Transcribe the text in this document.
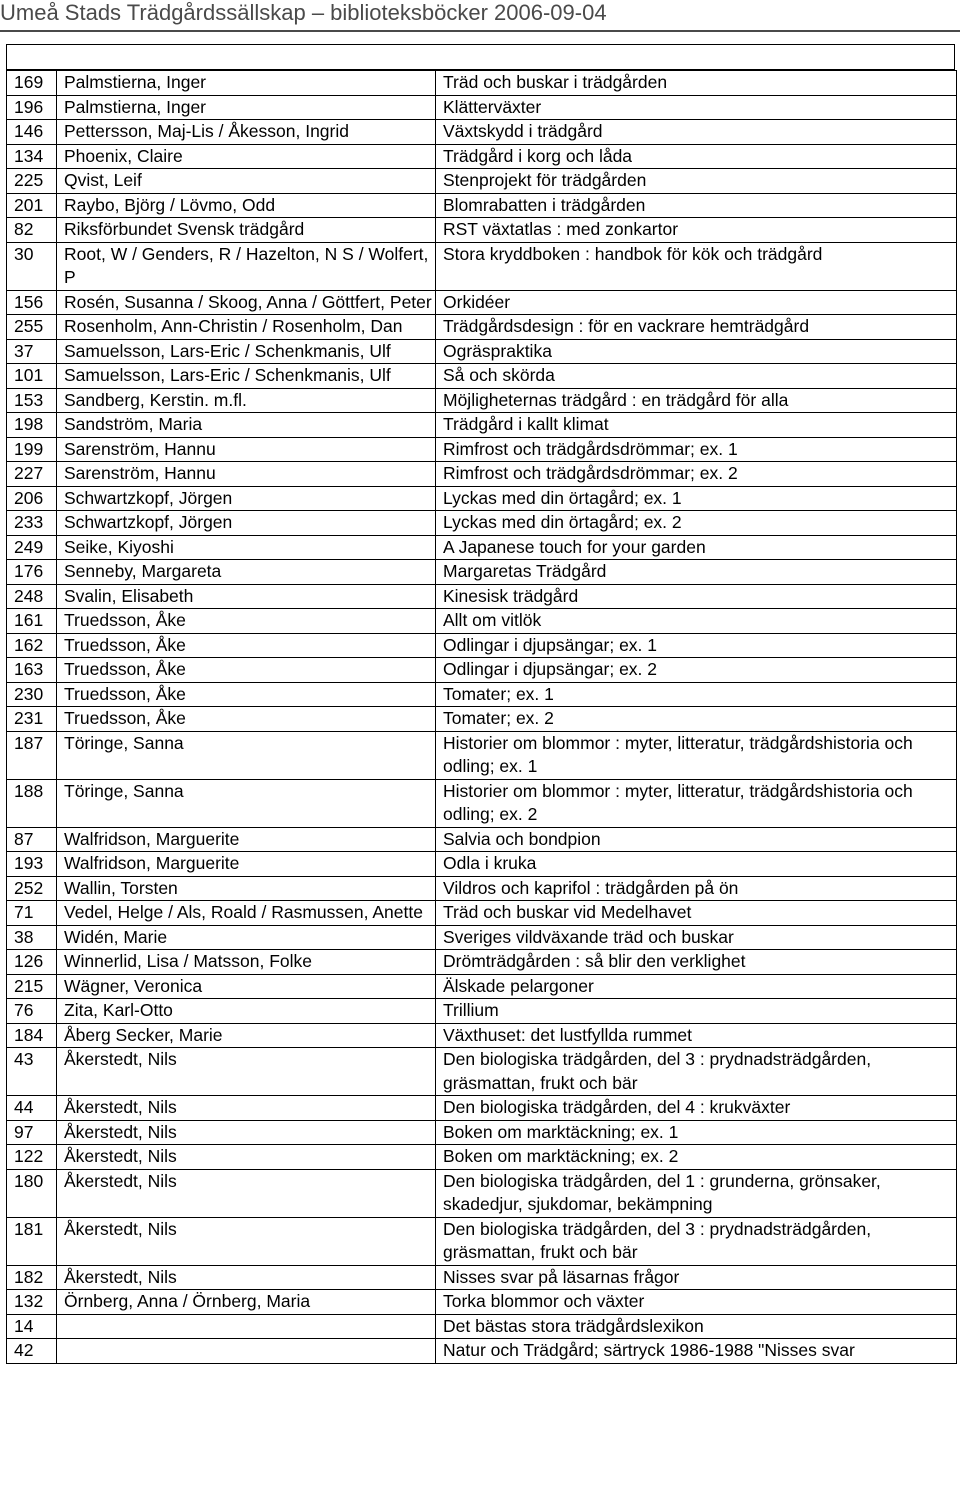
Umeå Stads Trädgårdssällskap – biblioteksböcker 2006-09-04
169	Palmstierna, Inger	Träd och buskar i trädgården
196	Palmstierna, Inger	Klätterväxter
146	Pettersson, Maj-Lis / Åkesson, Ingrid	Växtskydd i trädgård
134	Phoenix, Claire	Trädgård i korg och låda
225	Qvist, Leif	Stenprojekt för trädgården
201	Raybo, Björg / Lövmo, Odd	Blomrabatten i trädgården
82	Riksförbundet Svensk trädgård	RST växtatlas : med zonkartor
30	Root, W / Genders, R / Hazelton, N S / Wolfert, P	Stora kryddboken : handbok för kök och trädgård
156	Rosén, Susanna / Skoog, Anna / Göttfert, Peter	Orkidéer
255	Rosenholm, Ann-Christin / Rosenholm, Dan	Trädgårdsdesign : för en vackrare hemträdgård
37	Samuelsson, Lars-Eric / Schenkmanis, Ulf	Ogräspraktika
101	Samuelsson, Lars-Eric / Schenkmanis, Ulf	Så och skörda
153	Sandberg, Kerstin. m.fl.	Möjligheternas trädgård : en trädgård för alla
198	Sandström, Maria	Trädgård i kallt klimat
199	Sarenström, Hannu	Rimfrost och trädgårdsdrömmar; ex. 1
227	Sarenström, Hannu	Rimfrost och trädgårdsdrömmar; ex. 2
206	Schwartzkopf, Jörgen	Lyckas med din örtagård; ex. 1
233	Schwartzkopf, Jörgen	Lyckas med din örtagård; ex. 2
249	Seike, Kiyoshi	A Japanese touch for your garden
176	Senneby, Margareta	Margaretas Trädgård
248	Svalin, Elisabeth	Kinesisk trädgård
161	Truedsson, Åke	Allt om vitlök
162	Truedsson, Åke	Odlingar i djupsängar; ex. 1
163	Truedsson, Åke	Odlingar i djupsängar; ex. 2
230	Truedsson, Åke	Tomater; ex. 1
231	Truedsson, Åke	Tomater; ex. 2
187	Töringe, Sanna	Historier om blommor : myter, litteratur, trädgårdshistoria och odling; ex. 1
188	Töringe, Sanna	Historier om blommor : myter, litteratur, trädgårdshistoria och odling; ex. 2
87	Walfridson, Marguerite	Salvia och bondpion
193	Walfridson, Marguerite	Odla i kruka
252	Wallin, Torsten	Vildros och kaprifol : trädgården på ön
71	Vedel, Helge / Als, Roald / Rasmussen, Anette	Träd och buskar vid Medelhavet
38	Widén, Marie	Sveriges vildväxande träd och buskar
126	Winnerlid, Lisa / Matsson, Folke	Drömträdgården : så blir den verklighet
215	Wägner, Veronica	Älskade pelargoner
76	Zita, Karl-Otto	Trillium
184	Åberg Secker, Marie	Växthuset: det lustfyllda rummet
43	Åkerstedt, Nils	Den biologiska trädgården, del 3 : prydnadsträdgården, gräsmattan, frukt och bär
44	Åkerstedt, Nils	Den biologiska trädgården, del 4 : krukväxter
97	Åkerstedt, Nils	Boken om marktäckning; ex. 1
122	Åkerstedt, Nils	Boken om marktäckning; ex. 2
180	Åkerstedt, Nils	Den biologiska trädgården, del 1 : grunderna, grönsaker, skadedjur, sjukdomar, bekämpning
181	Åkerstedt, Nils	Den biologiska trädgården, del 3 : prydnadsträdgården, gräsmattan, frukt och bär
182	Åkerstedt, Nils	Nisses svar på läsarnas frågor
132	Örnberg, Anna / Örnberg, Maria	Torka blommor och växter
14		Det bästas stora trädgårdslexikon
42		Natur och Trädgård; särtryck 1986-1988 "Nisses svar
